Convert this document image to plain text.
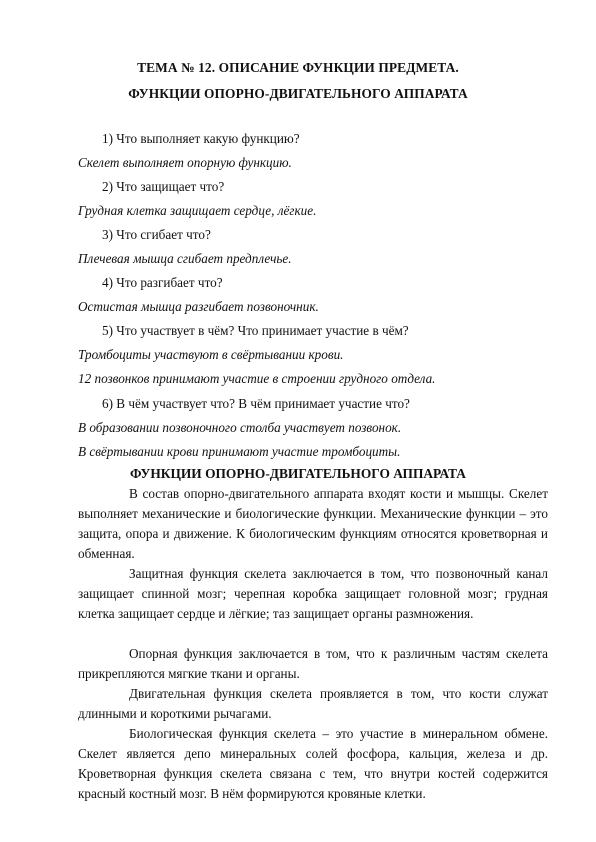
ТЕМА № 12. ОПИСАНИЕ ФУНКЦИИ ПРЕДМЕТА.
ФУНКЦИИ ОПОРНО-ДВИГАТЕЛЬНОГО АППАРАТА
1) Что выполняет какую функцию?
Скелет выполняет опорную функцию.
2) Что защищает что?
Грудная клетка защищает сердце, лёгкие.
3) Что сгибает что?
Плечевая мышца сгибает предплечье.
4) Что разгибает что?
Остистая мышца разгибает позвоночник.
5) Что участвует в чём? Что принимает участие в чём?
Тромбоциты участвуют в свёртывании крови.
12 позвонков принимают участие в строении грудного отдела.
6) В чём участвует что? В чём принимает участие что?
В образовании позвоночного столба участвует позвонок.
В свёртывании крови принимают участие тромбоциты.
ФУНКЦИИ ОПОРНО-ДВИГАТЕЛЬНОГО АППАРАТА

В состав опорно-двигательного аппарата входят кости и мышцы. Скелет выполняет механические и биологические функции. Механические функции – это защита, опора и движение. К биологическим функциям относятся кроветворная и обменная.

Защитная функция скелета заключается в том, что позвоночный канал защищает спинной мозг; черепная коробка защищает головной мозг; грудная клетка защищает сердце и лёгкие; таз защищает органы размножения.

Опорная функция заключается в том, что к различным частям скелета прикрепляются мягкие ткани и органы.

Двигательная функция скелета проявляется в том, что кости служат длинными и короткими рычагами.

Биологическая функция скелета – это участие в минеральном обмене. Скелет является депо минеральных солей фосфора, кальция, железа и др. Кроветворная функция скелета связана с тем, что внутри костей содержится красный костный мозг. В нём формируются кровяные клетки.
